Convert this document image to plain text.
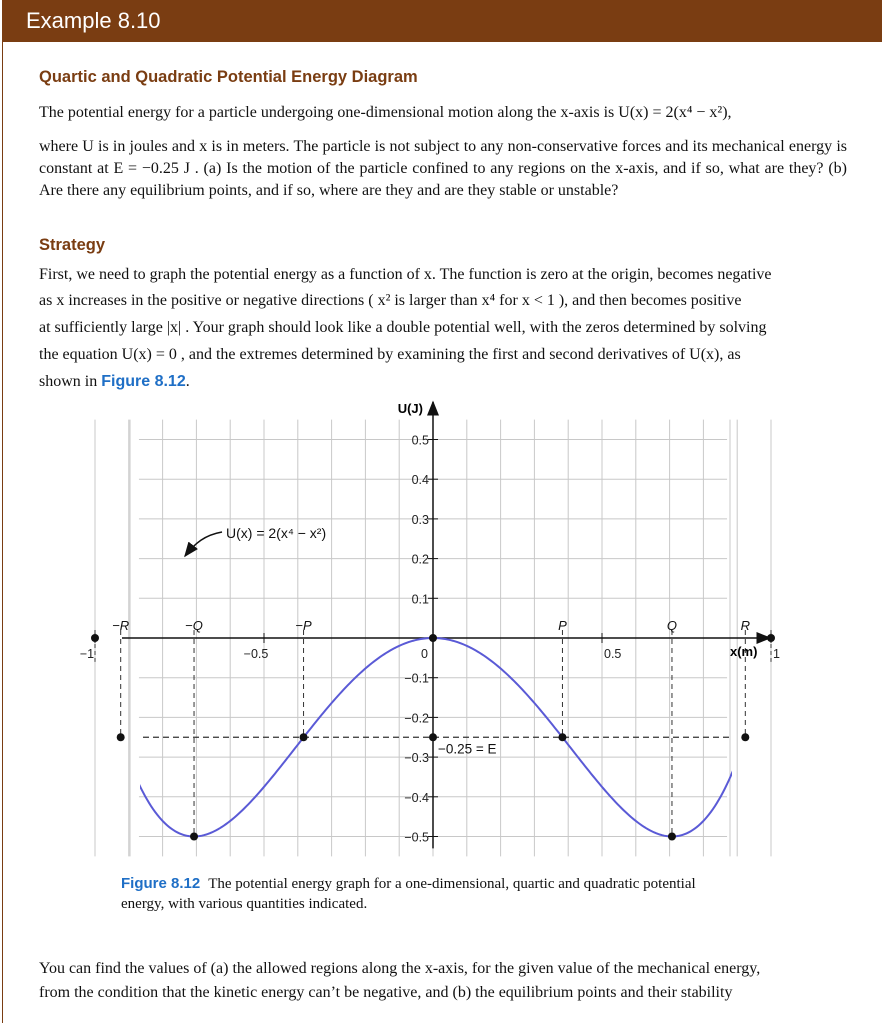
Example 8.10
Quartic and Quadratic Potential Energy Diagram
The potential energy for a particle undergoing one-dimensional motion along the x-axis is U(x) = 2(x⁴ − x²),
where U is in joules and x is in meters. The particle is not subject to any non-conservative forces and its mechanical energy is constant at E = −0.25 J . (a) Is the motion of the particle confined to any regions on the x-axis, and if so, what are they? (b) Are there any equilibrium points, and if so, where are they and are they stable or unstable?
Strategy
First, we need to graph the potential energy as a function of x. The function is zero at the origin, becomes negative
as x increases in the positive or negative directions ( x² is larger than x⁴ for x < 1 ), and then becomes positive
at sufficiently large |x| . Your graph should look like a double potential well, with the zeros determined by solving
the equation U(x) = 0 , and the extremes determined by examining the first and second derivatives of U(x), as
shown in Figure 8.12.
U(J)
x(m)
0.5
0.4
0.3
0.2
0.1
−0.1
−0.2
−0.3
−0.4
−0.5
−1	−0.5	0	0.5	1
U(x) = 2(x⁴ − x²)
−R	−Q	−P	P	Q	R
−0.25 = E
Figure 8.12 The potential energy graph for a one-dimensional, quartic and quadratic potential energy, with various quantities indicated.
You can find the values of (a) the allowed regions along the x-axis, for the given value of the mechanical energy,
from the condition that the kinetic energy can’t be negative, and (b) the equilibrium points and their stability
